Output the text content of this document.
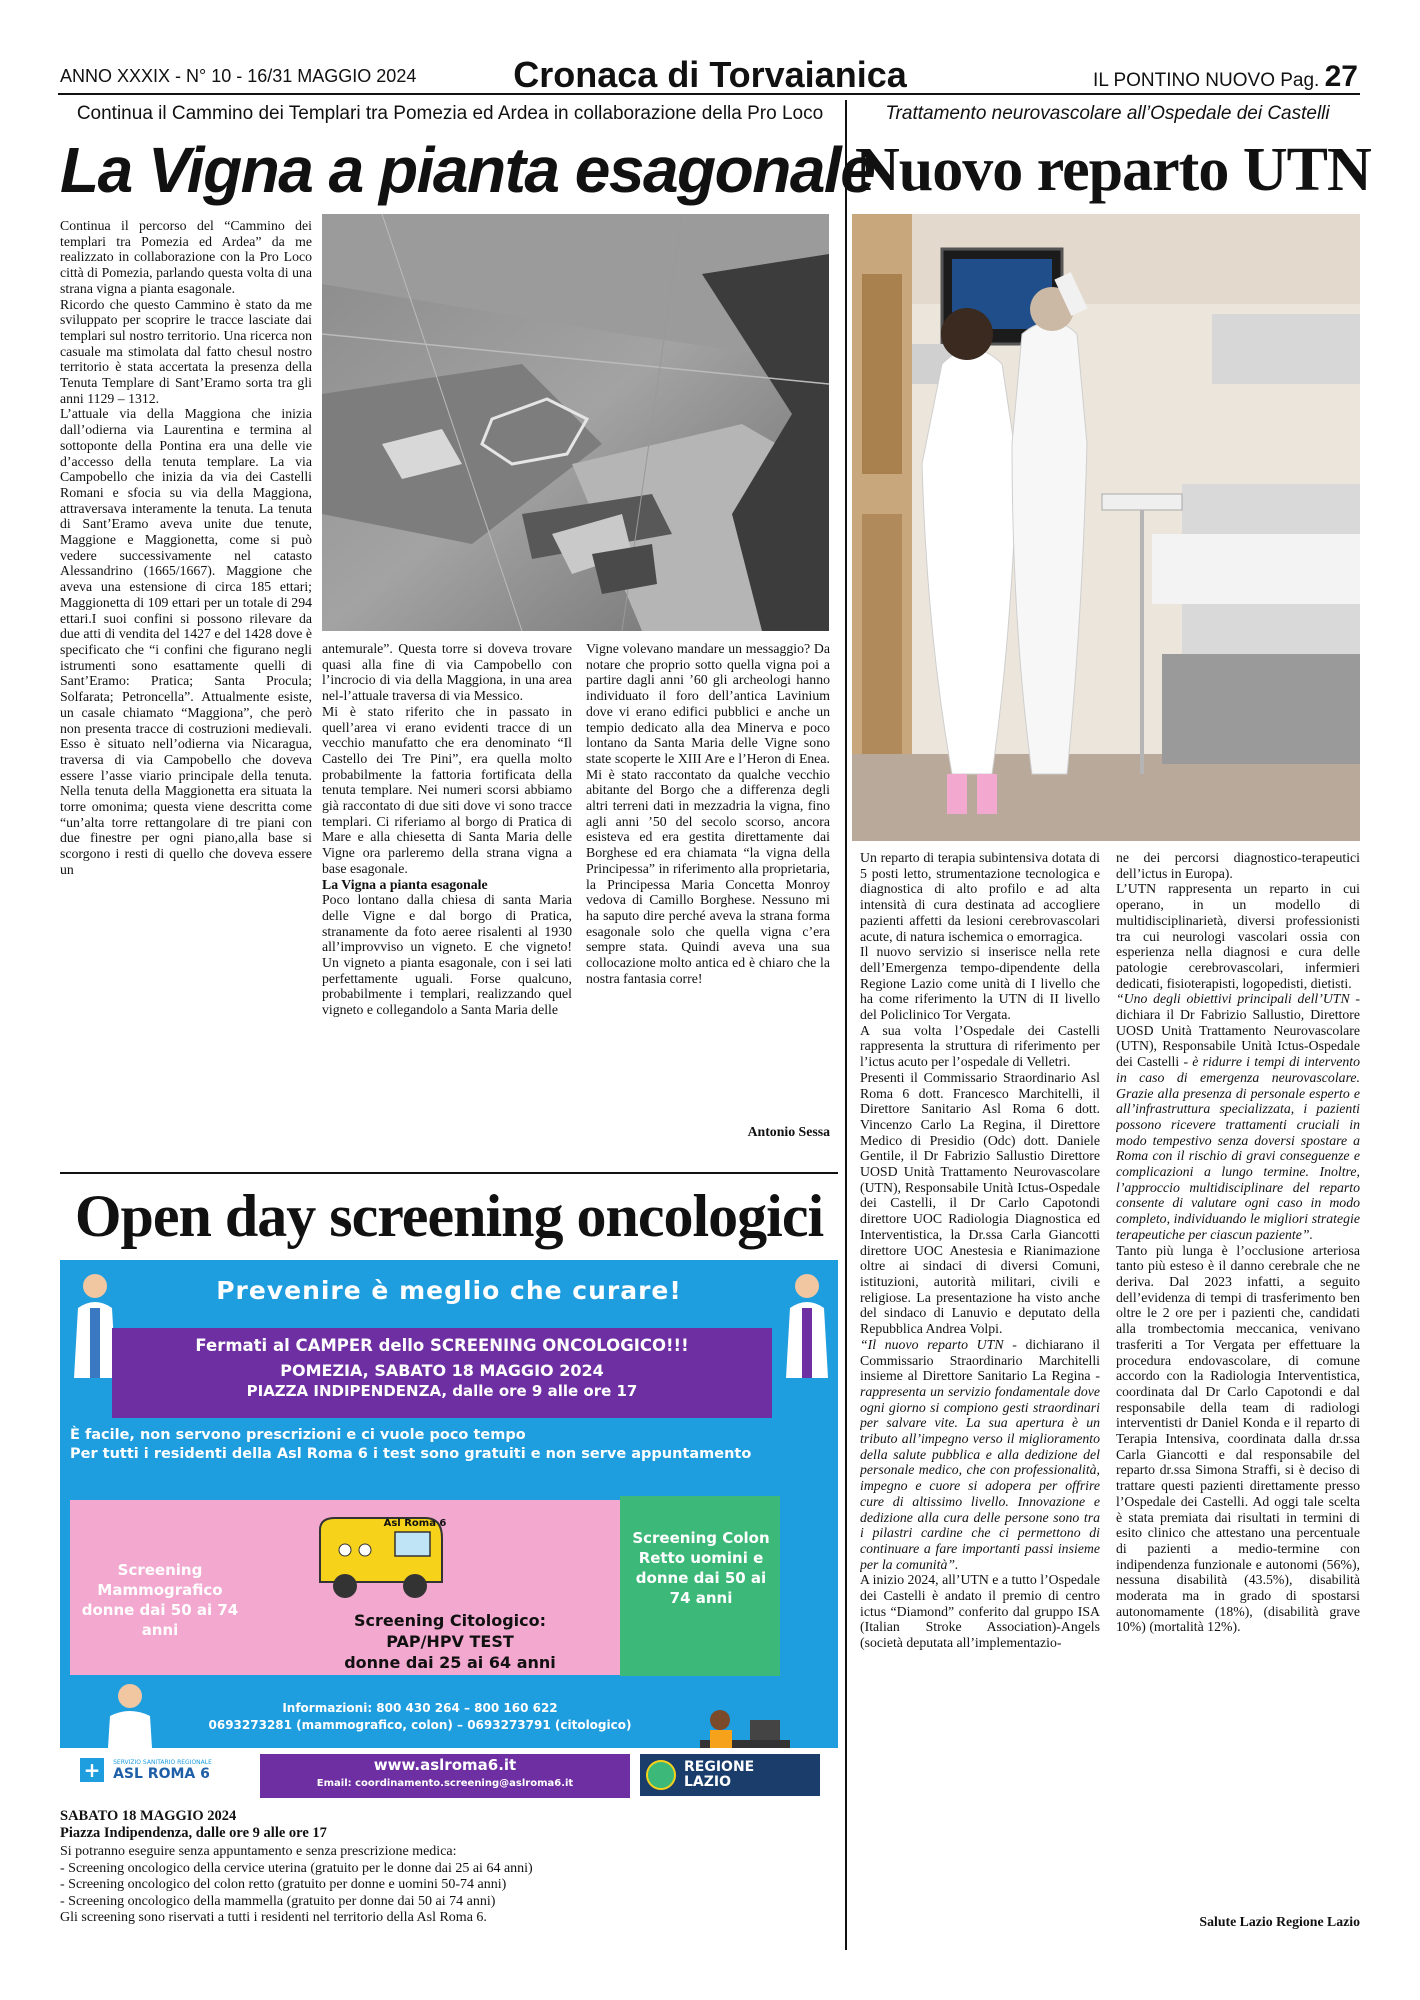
ANNO XXXIX - N° 10 - 16/31 MAGGIO 2024	Cronaca di Torvaianica	IL PONTINO NUOVO Pag. 27
Continua il Cammino dei Templari tra Pomezia ed Ardea in collaborazione della Pro Loco
La Vigna a pianta esagonale

Continua il percorso del “Cammino dei templari tra Pomezia ed Ardea” da me realizzato in collaborazione con la Pro Loco città di Pomezia, parlando questa volta di una strana vigna a pianta esagonale.

Ricordo che questo Cammino è stato da me sviluppato per scoprire le tracce lasciate dai templari sul nostro territorio. Una ricerca non casuale ma stimolata dal fatto chesul nostro territorio è stata accertata la presenza della Tenuta Templare di Sant’Eramo sorta tra gli anni 1129 – 1312.

L’attuale via della Maggiona che inizia dall’odierna via Laurentina e termina al sottoponte della Pontina era una delle vie d’accesso della tenuta templare. La via Campobello che inizia da via dei Castelli Romani e sfocia su via della Maggiona, attraversava interamente la tenuta. La tenuta di Sant’Eramo aveva unite due tenute, Maggione e Maggionetta, come si può vedere successivamente nel catasto Alessandrino (1665/1667). Maggione che aveva una estensione di circa 185 ettari; Maggionetta di 109 ettari per un totale di 294 ettari.I suoi confini si possono rilevare da due atti di vendita del 1427 e del 1428 dove è specificato che “i confini che figurano negli istrumenti sono esattamente quelli di Sant’Eramo: Pratica; Santa Procula; Solfarata; Petroncella”. Attualmente esiste, un casale chiamato “Maggiona”, che però non presenta tracce di costruzioni medievali. Esso è situato nell’odierna via Nicaragua, traversa di via Campobello che doveva essere l’asse viario principale della tenuta. Nella tenuta della Maggionetta era situata la torre omonima; questa viene descritta come “un’alta torre rettangolare di tre piani con due finestre per ogni piano,alla base si scorgono i resti di quello che doveva essere un

antemurale”. Questa torre si doveva trovare quasi alla fine di via Campobello con l’incrocio di via della Maggiona, in una area nel-l’attuale traversa di via Messico.

Mi è stato riferito che in passato in quell’area vi erano evidenti tracce di un vecchio manufatto che era denominato “Il Castello dei Tre Pini”, era quella molto probabilmente la fattoria fortificata della tenuta templare. Nei numeri scorsi abbiamo già raccontato di due siti dove vi sono tracce templari. Ci riferiamo al borgo di Pratica di Mare e alla chiesetta di Santa Maria delle Vigne ora parleremo della strana vigna a base esagonale.

La Vigna a pianta esagonale

Poco lontano dalla chiesa di santa Maria delle Vigne e dal borgo di Pratica, stranamente da foto aeree risalenti al 1930 all’improvviso un vigneto. E che vigneto! Un vigneto a pianta esagonale, con i sei lati perfettamente uguali. Forse qualcuno, probabilmente i templari, realizzando quel vigneto e collegandolo a Santa Maria delle

Vigne volevano mandare un messaggio? Da notare che proprio sotto quella vigna poi a partire dagli anni ’60 gli archeologi hanno individuato il foro dell’antica Lavinium dove vi erano edifici pubblici e anche un tempio dedicato alla dea Minerva e poco lontano da Santa Maria delle Vigne sono state scoperte le XIII Are e l’Heron di Enea. Mi è stato raccontato da qualche vecchio abitante del Borgo che a differenza degli altri terreni dati in mezzadria la vigna, fino agli anni ’50 del secolo scorso, ancora esisteva ed era gestita direttamente dai Borghese ed era chiamata “la vigna della Principessa” in riferimento alla proprietaria, la Principessa Maria Concetta Monroy vedova di Camillo Borghese. Nessuno mi ha saputo dire perché aveva la strana forma esagonale solo che quella vigna c’era sempre stata. Quindi aveva una sua collocazione molto antica ed è chiaro che la nostra fantasia corre!

Antonio Sessa
Trattamento neurovascolare all’Ospedale dei Castelli
Nuovo reparto UTN

Un reparto di terapia subintensiva dotata di 5 posti letto, strumentazione tecnologica e diagnostica di alto profilo e ad alta intensità di cura destinata ad accogliere pazienti affetti da lesioni cerebrovascolari acute, di natura ischemica o emorragica.

Il nuovo servizio si inserisce nella rete dell’Emergenza tempo-dipendente della Regione Lazio come unità di I livello che ha come riferimento la UTN di II livello del Policlinico Tor Vergata.

A sua volta l’Ospedale dei Castelli rappresenta la struttura di riferimento per l’ictus acuto per l’ospedale di Velletri.

Presenti il Commissario Straordinario Asl Roma 6 dott. Francesco Marchitelli, il Direttore Sanitario Asl Roma 6 dott. Vincenzo Carlo La Regina, il Direttore Medico di Presidio (Odc) dott. Daniele Gentile, il Dr Fabrizio Sallustio Direttore UOSD Unità Trattamento Neurovascolare (UTN), Responsabile Unità Ictus-Ospedale dei Castelli, il Dr Carlo Capotondi direttore UOC Radiologia Diagnostica ed Interventistica, la Dr.ssa Carla Giancotti direttore UOC Anestesia e Rianimazione oltre ai sindaci di diversi Comuni, istituzioni, autorità militari, civili e religiose. La presentazione ha visto anche del sindaco di Lanuvio e deputato della Repubblica Andrea Volpi.

“Il nuovo reparto UTN - dichiarano il Commissario Straordinario Marchitelli insieme al Direttore Sanitario La Regina - rappresenta un servizio fondamentale dove ogni giorno si compiono gesti straordinari per salvare vite. La sua apertura è un tributo all’impegno verso il miglioramento della salute pubblica e alla dedizione del personale medico, che con professionalità, impegno e cuore si adopera per offrire cure di altissimo livello. Innovazione e dedizione alla cura delle persone sono tra i pilastri cardine che ci permettono di continuare a fare importanti passi insieme per la comunità”.

A inizio 2024, all’UTN e a tutto l’Ospedale dei Castelli è andato il premio di centro ictus “Diamond” conferito dal gruppo ISA (Italian Stroke Association)-Angels (società deputata all’implementazio-

ne dei percorsi diagnostico-terapeutici dell’ictus in Europa).

L’UTN rappresenta un reparto in cui operano, in un modello di multidisciplinarietà, diversi professionisti tra cui neurologi vascolari ossia con esperienza nella diagnosi e cura delle patologie cerebrovascolari, infermieri dedicati, fisioterapisti, logopedisti, dietisti.

“Uno degli obiettivi principali dell’UTN - dichiara il Dr Fabrizio Sallustio, Direttore UOSD Unità Trattamento Neurovascolare (UTN), Responsabile Unità Ictus-Ospedale dei Castelli - è ridurre i tempi di intervento in caso di emergenza neurovascolare. Grazie alla presenza di personale esperto e all’infrastruttura specializzata, i pazienti possono ricevere trattamenti cruciali in modo tempestivo senza doversi spostare a Roma con il rischio di gravi conseguenze e complicazioni a lungo termine. Inoltre, l’approccio multidisciplinare del reparto consente di valutare ogni caso in modo completo, individuando le migliori strategie terapeutiche per ciascun paziente”.

Tanto più lunga è l’occlusione arteriosa tanto più esteso è il danno cerebrale che ne deriva. Dal 2023 infatti, a seguito dell’evidenza di tempi di trasferimento ben oltre le 2 ore per i pazienti che, candidati alla trombectomia meccanica, venivano trasferiti a Tor Vergata per effettuare la procedura endovascolare, di comune accordo con la Radiologia Interventistica, coordinata dal Dr Carlo Capotondi e dal responsabile della team di radiologi interventisti dr Daniel Konda e il reparto di Terapia Intensiva, coordinata dalla dr.ssa Carla Giancotti e dal responsabile del reparto dr.ssa Simona Straffi, si è deciso di trattare questi pazienti direttamente presso l’Ospedale dei Castelli. Ad oggi tale scelta è stata premiata dai risultati in termini di esito clinico che attestano una percentuale di pazienti a medio-termine con indipendenza funzionale e autonomi (56%), nessuna disabilità (43.5%), disabilità moderata ma in grado di spostarsi autonomamente (18%), (disabilità grave 10%) (mortalità 12%).

Salute Lazio Regione Lazio
Open day screening oncologici
Prevenire è meglio che curare!
Fermati al CAMPER dello SCREENING ONCOLOGICO!!!
POMEZIA, SABATO 18 MAGGIO 2024
PIAZZA INDIPENDENZA, dalle ore 9 alle ore 17
È facile, non servono prescrizioni e ci vuole poco tempo
Per tutti i residenti della Asl Roma 6 i test sono gratuiti e non serve appuntamento
Screening Mammografico donne dai 50 ai 74 anni
Asl Roma 6
Screening Citologico:
PAP/HPV TEST
donne dai 25 ai 64 anni
Screening Colon Retto uomini e donne dai 50 ai 74 anni
Informazioni: 800 430 264 – 800 160 622
0693273281 (mammografico, colon) – 0693273791 (citologico)
+ SERVIZIO SANITARIO REGIONALE
ASL ROMA 6	www.aslroma6.it
Email: coordinamento.screening@aslroma6.it
REGIONE LAZIO
SABATO 18 MAGGIO 2024
Piazza Indipendenza, dalle ore 9 alle ore 17
Si potranno eseguire senza appuntamento e senza prescrizione medica:
- Screening oncologico della cervice uterina (gratuito per le donne dai 25 ai 64 anni)
- Screening oncologico del colon retto (gratuito per donne e uomini 50-74 anni)
- Screening oncologico della mammella (gratuito per donne dai 50 ai 74 anni)
Gli screening sono riservati a tutti i residenti nel territorio della Asl Roma 6.
